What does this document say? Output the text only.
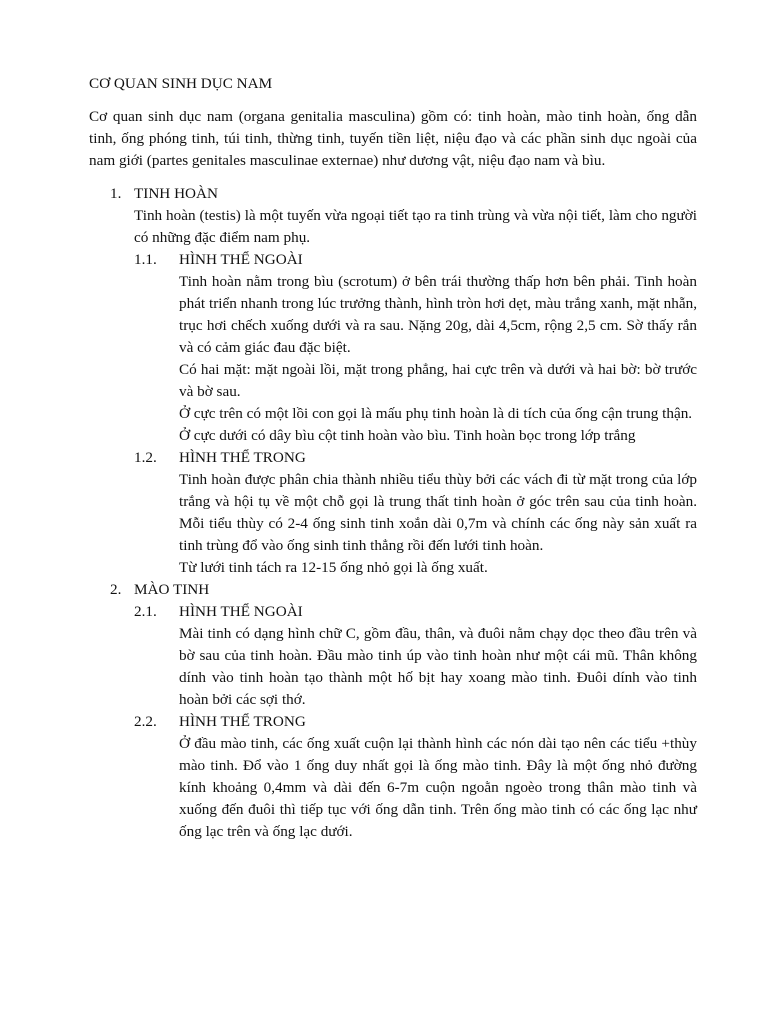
CƠ QUAN SINH DỤC NAM

Cơ quan sinh dục nam (organa genitalia masculina) gồm có: tinh hoàn, mào tinh hoàn, ống dẫn tinh, ống phóng tinh, túi tinh, thừng tinh, tuyến tiền liệt, niệu đạo và các phần sinh dục ngoài của nam giới (partes genitales masculinae externae) như dương vật, niệu đạo nam và bìu.

1. TINH HOÀN
Tinh hoàn (testis) là một tuyến vừa ngoại tiết tạo ra tinh trùng và vừa nội tiết, làm cho người có những đặc điểm nam phụ.
1.1. HÌNH THỂ NGOÀI

Tinh hoàn nằm trong bìu (scrotum) ở bên trái thường thấp hơn bên phải. Tinh hoàn phát triển nhanh trong lúc trưởng thành, hình tròn hơi dẹt, màu trắng xanh, mặt nhẵn, trục hơi chếch xuống dưới và ra sau. Nặng 20g, dài 4,5cm, rộng 2,5 cm. Sờ thấy rắn và có cảm giác đau đặc biệt.

Có hai mặt: mặt ngoài lồi, mặt trong phẳng, hai cực trên và dưới và hai bờ: bờ trước và bờ sau.

Ở cực trên có một lồi con gọi là mấu phụ tinh hoàn là di tích của ống cận trung thận.

Ở cực dưới có dây bìu cột tinh hoàn vào bìu. Tinh hoàn bọc trong lớp trắng

1.2. HÌNH THỂ TRONG

Tinh hoàn được phân chia thành nhiều tiểu thùy bởi các vách đi từ mặt trong của lớp trắng và hội tụ về một chỗ gọi là trung thất tinh hoàn ở góc trên sau của tinh hoàn. Mỗi tiểu thùy có 2-4 ống sinh tinh xoắn dài 0,7m và chính các ống này sản xuất ra tinh trùng đổ vào ống sinh tinh thẳng rồi đến lưới tinh hoàn.

Từ lưới tinh tách ra 12-15 ống nhỏ gọi là ống xuất.

2. MÀO TINH
2.1. HÌNH THỂ NGOÀI

Mài tinh có dạng hình chữ C, gồm đầu, thân, và đuôi nằm chạy dọc theo đầu trên và bờ sau của tinh hoàn. Đầu mào tinh úp vào tinh hoàn như một cái mũ. Thân không dính vào tinh hoàn tạo thành một hố bịt hay xoang mào tinh. Đuôi dính vào tinh hoàn bởi các sợi thớ.

2.2. HÌNH THỂ TRONG

Ở đầu mào tinh, các ống xuất cuộn lại thành hình các nón dài tạo nên các tiểu +thùy mào tinh. Đổ vào 1 ống duy nhất gọi là ống mào tinh. Đây là một ống nhỏ đường kính khoảng 0,4mm và dài đến 6-7m cuộn ngoằn ngoèo trong thân mào tinh và xuống đến đuôi thì tiếp tục với ống dẫn tinh. Trên ống mào tinh có các ống lạc như ống lạc trên và ống lạc dưới.
